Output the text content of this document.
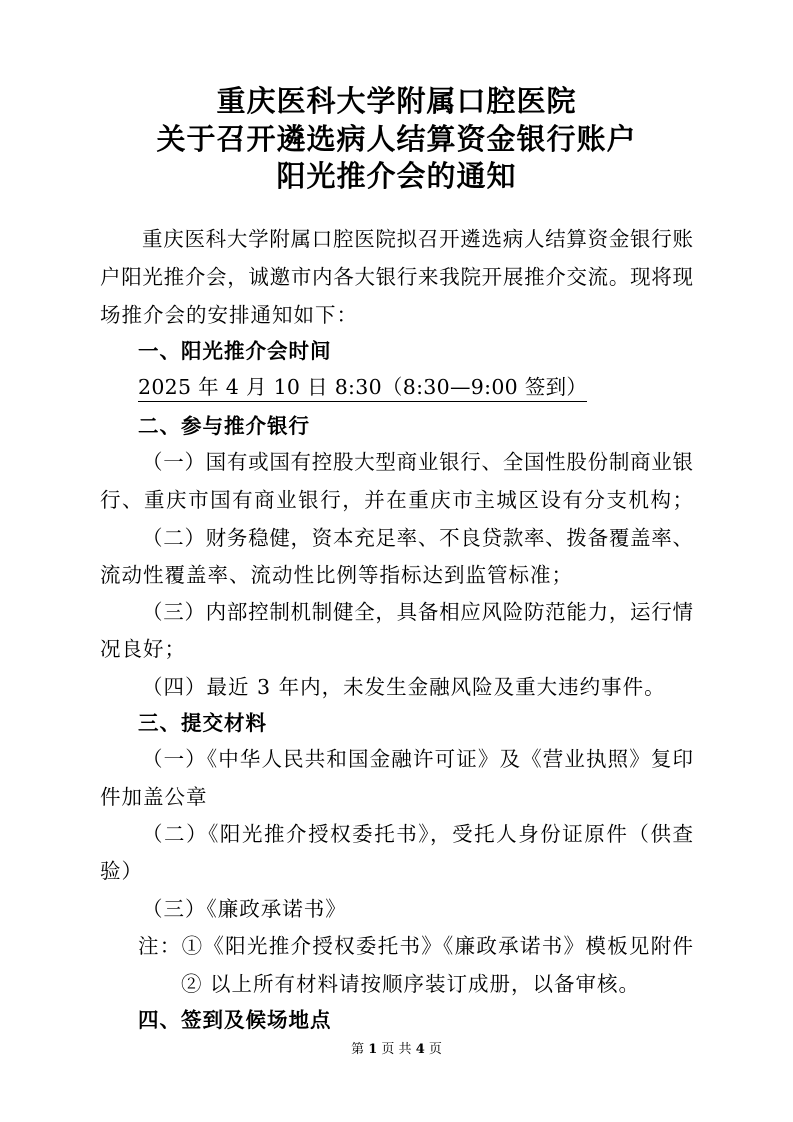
重庆医科大学附属口腔医院
关于召开遴选病人结算资金银行账户
阳光推介会的通知
重庆医科大学附属口腔医院拟召开遴选病人结算资金银行账
户阳光推介会，诚邀市内各大银行来我院开展推介交流。现将现
场推介会的安排通知如下：
一、阳光推介会时间
2025 年 4 月 10 日 8:30（8:30—9:00 签到）
二、参与推介银行
（一）国有或国有控股大型商业银行、全国性股份制商业银
行、重庆市国有商业银行，并在重庆市主城区设有分支机构；
（二）财务稳健，资本充足率、不良贷款率、拨备覆盖率、
流动性覆盖率、流动性比例等指标达到监管标准；
（三）内部控制机制健全，具备相应风险防范能力，运行情
况良好；
（四）最近 3 年内，未发生金融风险及重大违约事件。
三、提交材料
（一）《中华人民共和国金融许可证》及《营业执照》复印
件加盖公章
（二）《阳光推介授权委托书》，受托人身份证原件（供查
验）
（三）《廉政承诺书》
注：①《阳光推介授权委托书》《廉政承诺书》模板见附件
② 以上所有材料请按顺序装订成册，以备审核。
四、签到及候场地点
第 1 页 共 4 页
